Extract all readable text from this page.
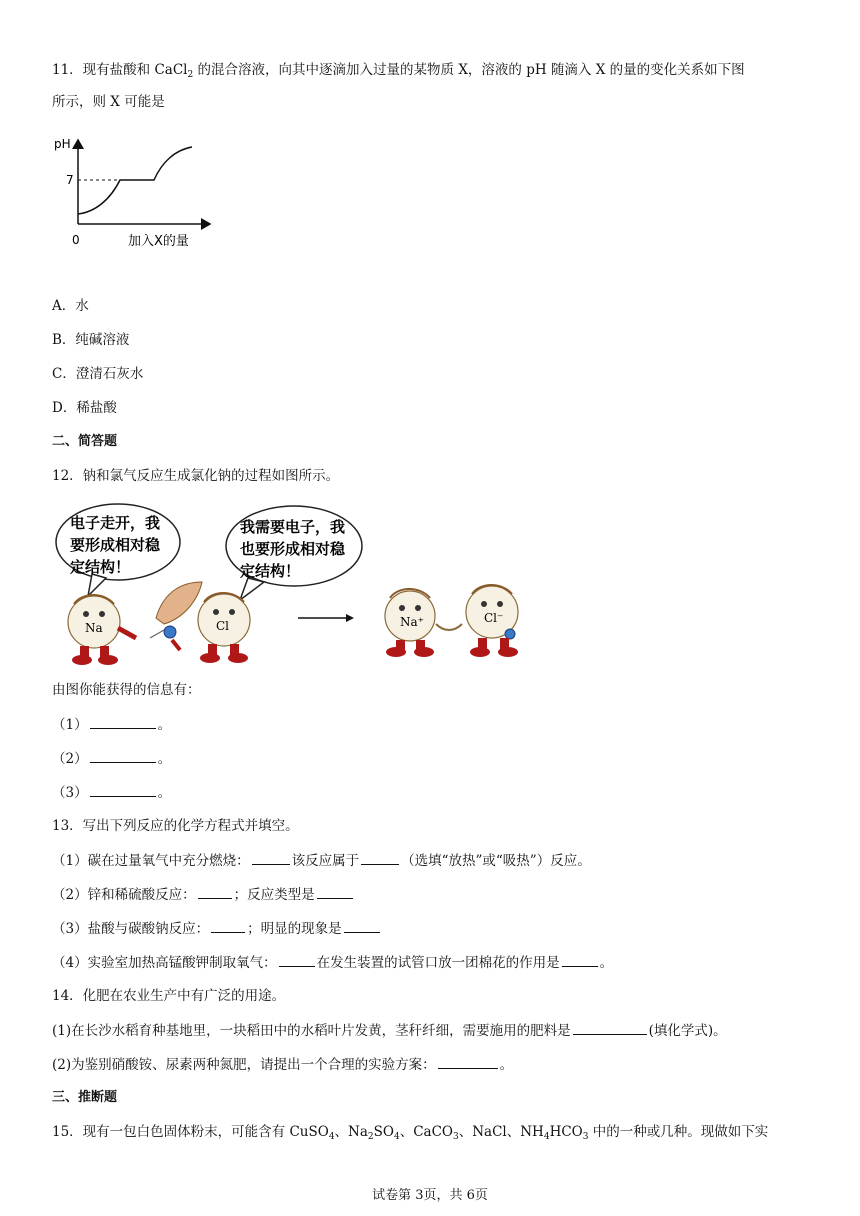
11．现有盐酸和 CaCl$_2$ 的混合溶液，向其中逐滴加入过量的某物质 X，溶液的 pH 随滴入 X 的量的变化关系如下图
所示，则 X 可能是
pH
7
0	加入X的量
A．水
B．纯碱溶液
C．澄清石灰水
D．稀盐酸
二、简答题
12．钠和氯气反应生成氯化钠的过程如图所示。
电子走开，我
要形成相对稳
定结构！
我需要电子，我
也要形成相对稳
定结构！
Na	Cl	Na⁺	Cl⁻
由图你能获得的信息有：
（1）	。
（2）	。
（3）	。
13．写出下列反应的化学方程式并填空。
（1）碳在过量氧气中充分燃烧：	该反应属于	（选填“放热”或“吸热”）反应。
（2）锌和稀硫酸反应：	；反应类型是
（3）盐酸与碳酸钠反应：	；明显的现象是
（4）实验室加热高锰酸钾制取氧气：	在发生装置的试管口放一团棉花的作用是	。
14．化肥在农业生产中有广泛的用途。
(1)在长沙水稻育种基地里，一块稻田中的水稻叶片发黄，茎秆纤细，需要施用的肥料是	(填化学式)。
(2)为鉴别硝酸铵、尿素两种氮肥，请提出一个合理的实验方案：	。
三、推断题
15．现有一包白色固体粉末，可能含有 CuSO$_4$、$Na_2SO_4$、CaCO$_3$、NaCl、$NH_4HCO_3$ 中的一种或几种。现做如下实
试卷第 3页，共 6页
